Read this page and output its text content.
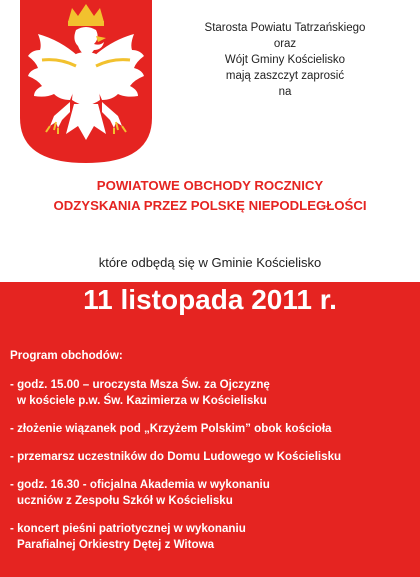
Starosta Powiatu Tatrzańskiego
oraz
Wójt Gminy Kościelisko
mają zaszczyt zaprosić
na
POWIATOWE OBCHODY ROCZNICY
ODZYSKANIA PRZEZ POLSKĘ NIEPODLEGŁOŚCI
które odbędą się w Gminie Kościelisko
11 listopada 2011 r.
Program obchodów:
- godz. 15.00 – uroczysta Msza Św. za Ojczyznę
w kościele p.w. Św. Kazimierza w Kościelisku
- złożenie wiązanek pod „Krzyżem Polskim” obok kościoła
- przemarsz uczestników do Domu Ludowego w Kościelisku
- godz. 16.30 - oficjalna Akademia w wykonaniu
uczniów z Zespołu Szkół w Kościelisku
- koncert pieśni patriotycznej w wykonaniu
Parafialnej Orkiestry Dętej z Witowa
